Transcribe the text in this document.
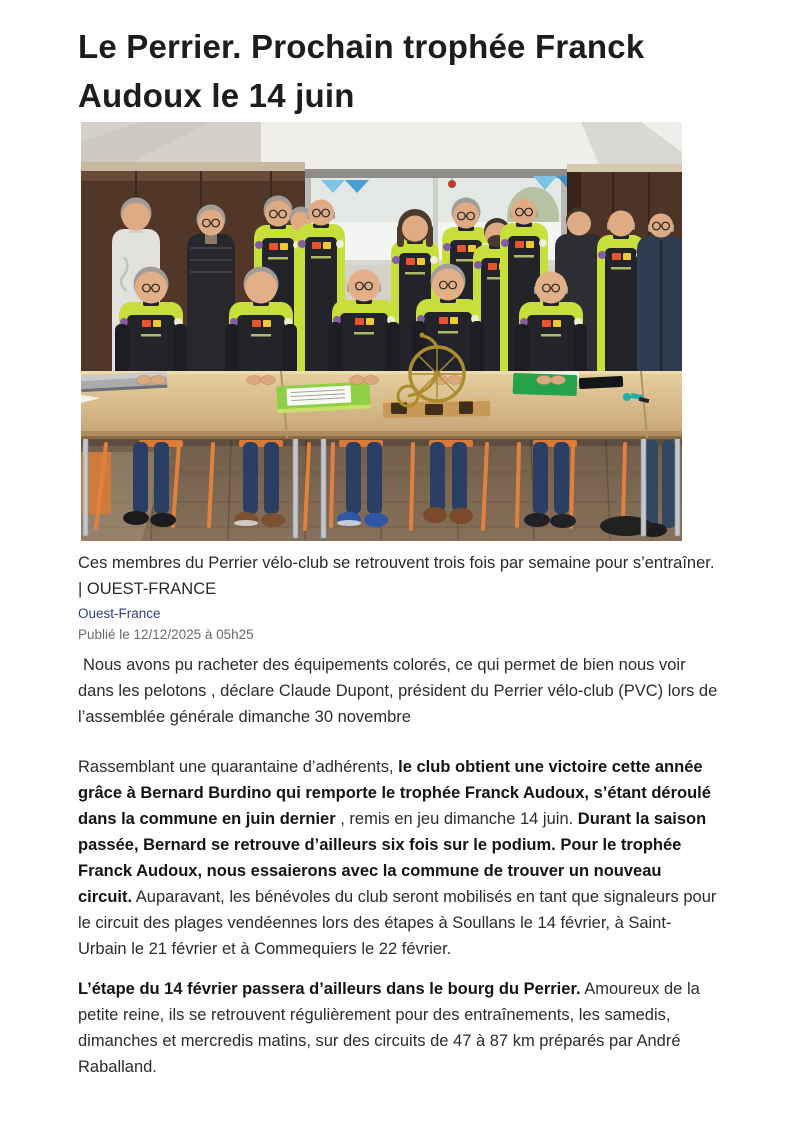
Le Perrier. Prochain trophée Franck Audoux le 14 juin

Ces membres du Perrier vélo-club se retrouvent trois fois par semaine pour s’entraîner. | OUEST-FRANCE

Ouest-France
Publié le 12/12/2025 à 05h25

Nous avons pu racheter des équipements colorés, ce qui permet de bien nous voir dans les pelotons , déclare Claude Dupont, président du Perrier vélo-club (PVC) lors de l’assemblée générale dimanche 30 novembre

Rassemblant une quarantaine d’adhérents, le club obtient une victoire cette année grâce à Bernard Burdino qui remporte le trophée Franck Audoux, s’étant déroulé dans la commune en juin dernier , remis en jeu dimanche 14 juin. Durant la saison passée, Bernard se retrouve d’ailleurs six fois sur le podium. Pour le trophée Franck Audoux, nous essaierons avec la commune de trouver un nouveau circuit. Auparavant, les bénévoles du club seront mobilisés en tant que signaleurs pour le circuit des plages vendéennes lors des étapes à Soullans le 14 février, à Saint-Urbain le 21 février et à Commequiers le 22 février.

L’étape du 14 février passera d’ailleurs dans le bourg du Perrier. Amoureux de la petite reine, ils se retrouvent régulièrement pour des entraînements, les samedis, dimanches et mercredis matins, sur des circuits de 47 à 87 km préparés par André Raballand.
